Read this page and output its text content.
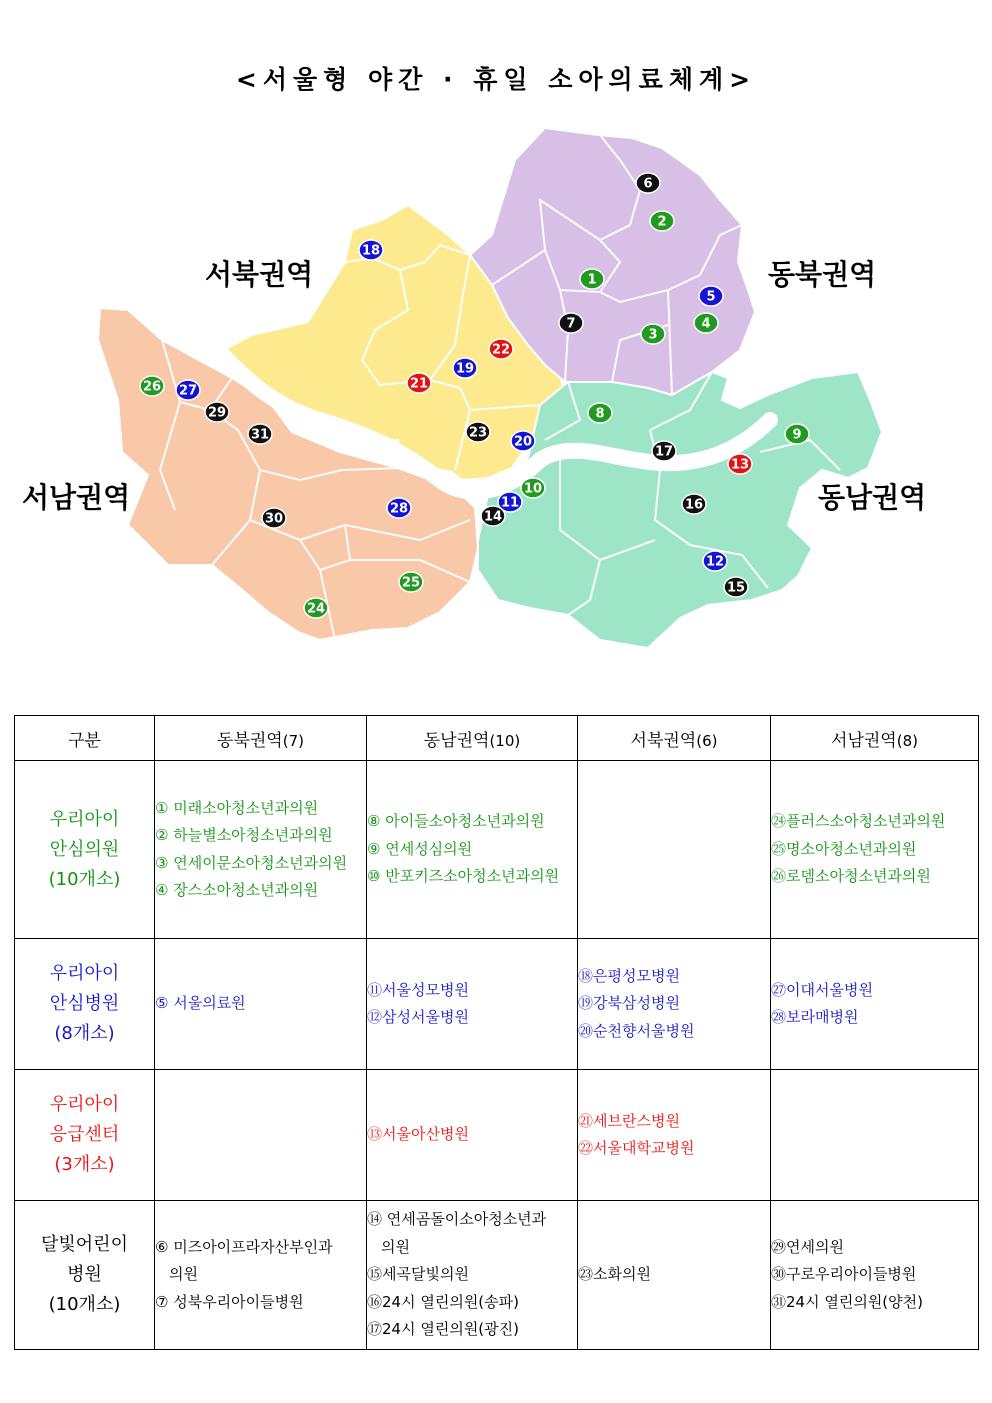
<서울형 야간 · 휴일 소아의료체계>
서북권역	동북권역
서남권역	동남권역
1
2
3
4
5
6
7
8
9
10
11
12
13
14
15
16
17
18
19
20
21
22
23
24
25
26 27
28
29
30
31
구분	동북권역(7)	동남권역(10)	서북권역(6)	서남권역(8)

우리아이
안심의원
(10개소)	① 미래소아청소년과의원
② 하늘별소아청소년과의원
③ 연세이문소아청소년과의원
④ 장스소아청소년과의원	⑧ 아이들소아청소년과의원
⑨ 연세성심의원
⑩ 반포키즈소아청소년과의원		㉔플러스소아청소년과의원
㉕명소아청소년과의원
㉖로뎀소아청소년과의원

우리아이
안심병원
(8개소)	⑤ 서울의료원	⑪서울성모병원
⑫삼성서울병원	⑱은평성모병원
⑲강북삼성병원
⑳순천향서울병원	㉗이대서울병원
㉘보라매병원

우리아이
응급센터
(3개소)		⑬서울아산병원	㉑세브란스병원
㉒서울대학교병원	

달빛어린이
병원
(10개소)	⑥ 미즈아이프라자산부인과
의원
⑦ 성북우리아이들병원	⑭ 연세곰돌이소아청소년과
의원
⑮세곡달빛의원
⑯24시 열린의원(송파)
⑰24시 열린의원(광진)	㉓소화의원	㉙연세의원
㉚구로우리아이들병원
㉛24시 열린의원(양천)
